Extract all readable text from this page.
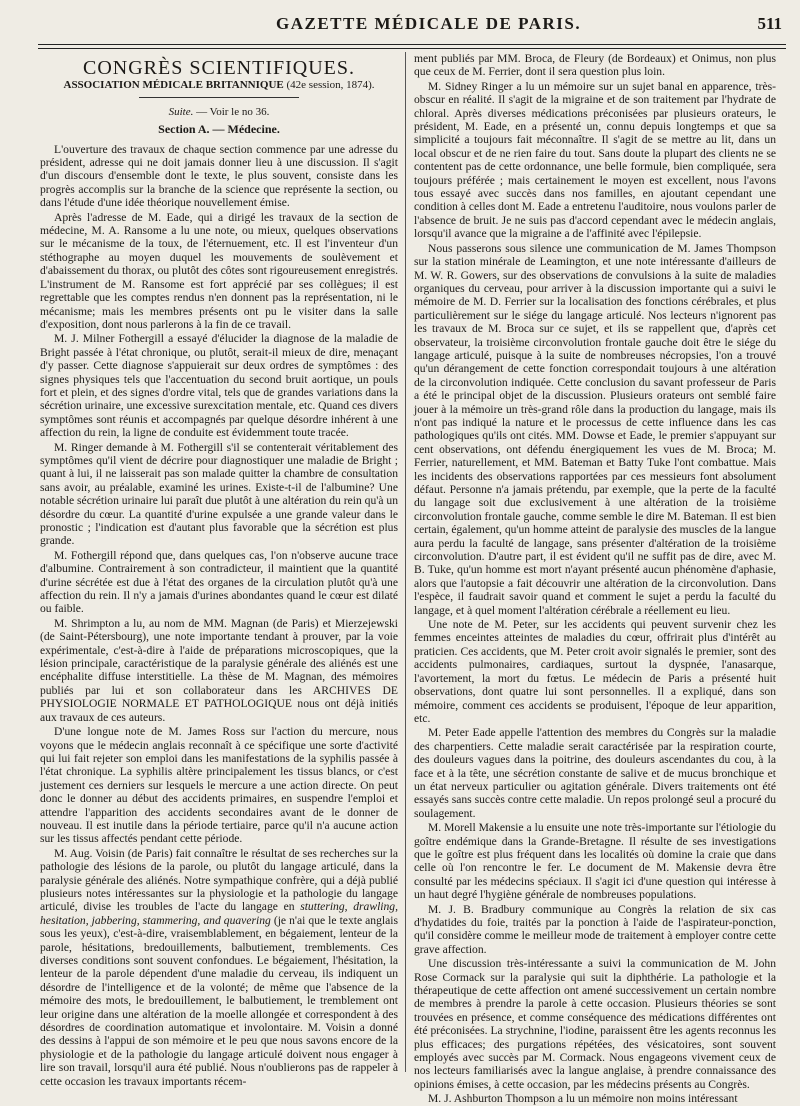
GAZETTE MÉDICALE DE PARIS.	511
CONGRÈS SCIENTIFIQUES.
ASSOCIATION MÉDICALE BRITANNIQUE (42e session, 1874).
Suite. — Voir le no 36.
Section A. — Médecine.

L'ouverture des travaux de chaque section commence par une adresse du président, adresse qui ne doit jamais donner lieu à une discussion. Il s'agit d'un discours d'ensemble dont le texte, le plus souvent, consiste dans les progrès accomplis sur la branche de la science que représente la section, ou dans l'étude d'une idée théorique nouvellement émise.

Après l'adresse de M. Eade, qui a dirigé les travaux de la section de médecine, M. A. Ransome a lu une note, ou mieux, quelques observations sur le mécanisme de la toux, de l'éternuement, etc. Il est l'inventeur d'un stéthographe au moyen duquel les mouvements de soulèvement et d'abaissement du thorax, ou plutôt des côtes sont rigoureusement enregistrés. L'instrument de M. Ransome est fort apprécié par ses collègues; il est regrettable que les comptes rendus n'en donnent pas la représentation, ni le mécanisme; mais les membres présents ont pu le visiter dans la salle d'exposition, dont nous parlerons à la fin de ce travail.

M. J. Milner Fothergill a essayé d'élucider la diagnose de la maladie de Bright passée à l'état chronique, ou plutôt, serait-il mieux de dire, menaçant d'y passer. Cette diagnose s'appuierait sur deux ordres de symptômes : des signes physiques tels que l'accentuation du second bruit aortique, un pouls fort et plein, et des signes d'ordre vital, tels que de grandes variations dans la sécrétion urinaire, une excessive surexcitation mentale, etc. Quand ces divers symptômes sont réunis et accompagnés par quelque désordre inhérent à une affection du rein, la ligne de conduite est évidemment toute tracée.

M. Ringer demande à M. Fothergill s'il se contenterait véritablement des symptômes qu'il vient de décrire pour diagnostiquer une maladie de Bright ; quant à lui, il ne laisserait pas son malade quitter la chambre de consultation sans avoir, au préalable, examiné les urines. Existe-t-il de l'albumine? Une notable sécrétion urinaire lui paraît due plutôt à une altération du rein qu'à un désordre du cœur. La quantité d'urine expulsée a une grande valeur dans le pronostic ; l'indication est d'autant plus favorable que la sécrétion est plus grande.

M. Fothergill répond que, dans quelques cas, l'on n'observe aucune trace d'albumine. Contrairement à son contradicteur, il maintient que la quantité d'urine sécrétée est due à l'état des organes de la circulation plutôt qu'à une affection du rein. Il n'y a jamais d'urines abondantes quand le cœur est dilaté ou faible.

M. Shrimpton a lu, au nom de MM. Magnan (de Paris) et Mierzejewski (de Saint-Pétersbourg), une note importante tendant à prouver, par la voie expérimentale, c'est-à-dire à l'aide de préparations microscopiques, que la lésion principale, caractéristique de la paralysie générale des aliénés est une encéphalite diffuse interstitielle. La thèse de M. Magnan, des mémoires publiés par lui et son collaborateur dans les ARCHIVES DE PHYSIOLOGIE NORMALE ET PATHOLOGIQUE nous ont déjà initiés aux travaux de ces auteurs.

D'une longue note de M. James Ross sur l'action du mercure, nous voyons que le médecin anglais reconnaît à ce spécifique une sorte d'activité qui lui fait rejeter son emploi dans les manifestations de la syphilis passée à l'état chronique. La syphilis altère principalement les tissus blancs, or c'est justement ces derniers sur lesquels le mercure a une action directe. On peut donc le donner au début des accidents primaires, en suspendre l'emploi et attendre l'apparition des accidents secondaires avant de le donner de nouveau. Il est inutile dans la période tertiaire, parce qu'il n'a aucune action sur les tissus affectés pendant cette période.

M. Aug. Voisin (de Paris) fait connaître le résultat de ses recherches sur la pathologie des lésions de la parole, ou plutôt du langage articulé, dans la paralysie générale des aliénés. Notre sympathique confrère, qui a déjà publié plusieurs notes intéressantes sur la physiologie et la pathologie du langage articulé, divise les troubles de l'acte du langage en stuttering, drawling, hesitation, jabbering, stammering, and quavering (je n'ai que le texte anglais sous les yeux), c'est-à-dire, vraisemblablement, en bégaiement, lenteur de la parole, hésitations, bredouillements, balbutiement, tremblements. Ces diverses conditions sont souvent confondues. Le bégaiement, l'hésitation, la lenteur de la parole dépendent d'une maladie du cerveau, ils indiquent un désordre de l'intelligence et de la volonté; de même que l'absence de la mémoire des mots, le bredouillement, le balbutiement, le tremblement ont leur origine dans une altération de la moelle allongée et correspondent à des désordres de coordination automatique et involontaire. M. Voisin a donné des dessins à l'appui de son mémoire et le peu que nous savons encore de la physiologie et de la pathologie du langage articulé doivent nous engager à lire son travail, lorsqu'il aura été publié. Nous n'oublierons pas de rappeler à cette occasion les travaux importants récem-

ment publiés par MM. Broca, de Fleury (de Bordeaux) et Onimus, non plus que ceux de M. Ferrier, dont il sera question plus loin.

M. Sidney Ringer a lu un mémoire sur un sujet banal en apparence, très-obscur en réalité. Il s'agit de la migraine et de son traitement par l'hydrate de chloral. Après diverses médications préconisées par plusieurs orateurs, le président, M. Eade, en a présenté un, connu depuis longtemps et que sa simplicité a toujours fait méconnaître. Il s'agit de se mettre au lit, dans un local obscur et de ne rien faire du tout. Sans doute la plupart des clients ne se contentent pas de cette ordonnance, une belle formule, bien compliquée, sera toujours préférée ; mais certainement le moyen est excellent, nous l'avons tous essayé avec succès dans nos familles, en ajoutant cependant une condition à celles dont M. Eade a entretenu l'auditoire, nous voulons parler de l'absence de bruit. Je ne suis pas d'accord cependant avec le médecin anglais, lorsqu'il avance que la migraine a de l'affinité avec l'épilepsie.

Nous passerons sous silence une communication de M. James Thompson sur la station minérale de Leamington, et une note intéressante d'ailleurs de M. W. R. Gowers, sur des observations de convulsions à la suite de maladies organiques du cerveau, pour arriver à la discussion importante qui a suivi le mémoire de M. D. Ferrier sur la localisation des fonctions cérébrales, et plus particulièrement sur le siége du langage articulé. Nos lecteurs n'ignorent pas les travaux de M. Broca sur ce sujet, et ils se rappellent que, d'après cet observateur, la troisième circonvolution frontale gauche doit être le siége du langage articulé, puisque à la suite de nombreuses nécropsies, l'on a trouvé qu'un dérangement de cette fonction correspondait toujours à une altération de la circonvolution indiquée. Cette conclusion du savant professeur de Paris a été le principal objet de la discussion. Plusieurs orateurs ont semblé faire jouer à la mémoire un très-grand rôle dans la production du langage, mais ils n'ont pas indiqué la nature et le processus de cette influence dans les cas pathologiques qu'ils ont cités. MM. Dowse et Eade, le premier s'appuyant sur cent observations, ont défendu énergiquement les vues de M. Broca; M. Ferrier, naturellement, et MM. Bateman et Batty Tuke l'ont combattue. Mais les incidents des observations rapportées par ces messieurs font absolument défaut. Personne n'a jamais prétendu, par exemple, que la perte de la faculté du langage soit due exclusivement à une altération de la troisième circonvolution frontale gauche, comme semble le dire M. Bateman. Il est bien certain, également, qu'un homme atteint de paralysie des muscles de la langue aura perdu la faculté de langage, sans présenter d'altération de la troisième circonvolution. D'autre part, il est évident qu'il ne suffit pas de dire, avec M. B. Tuke, qu'un homme est mort n'ayant présenté aucun phénomène d'aphasie, alors que l'autopsie a fait découvrir une altération de la circonvolution. Dans l'espèce, il faudrait savoir quand et comment le sujet a perdu la faculté du langage, et à quel moment l'altération cérébrale a réellement eu lieu.

Une note de M. Peter, sur les accidents qui peuvent survenir chez les femmes enceintes atteintes de maladies du cœur, offrirait plus d'intérêt au praticien. Ces accidents, que M. Peter croit avoir signalés le premier, sont des accidents pulmonaires, cardiaques, surtout la dyspnée, l'anasarque, l'avortement, la mort du fœtus. Le médecin de Paris a présenté huit observations, dont quatre lui sont personnelles. Il a expliqué, dans son mémoire, comment ces accidents se produisent, l'époque de leur apparition, etc.

M. Peter Eade appelle l'attention des membres du Congrès sur la maladie des charpentiers. Cette maladie serait caractérisée par la respiration courte, des douleurs vagues dans la poitrine, des douleurs ascendantes du cou, à la face et à la tête, une sécrétion constante de salive et de mucus bronchique et un état nerveux particulier ou agitation générale. Divers traitements ont été essayés sans succès contre cette maladie. Un repos prolongé seul a procuré du soulagement.

M. Morell Makensie a lu ensuite une note très-importante sur l'étiologie du goître endémique dans la Grande-Bretagne. Il résulte de ses investigations que le goître est plus fréquent dans les localités où domine la craie que dans celle où l'on rencontre le fer. Le document de M. Makensie devra être consulté par les médecins spéciaux. Il s'agit ici d'une question qui intéresse à un haut degré l'hygiène générale de nombreuses populations.

M. J. B. Bradbury communique au Congrès la relation de six cas d'hydatides du foie, traités par la ponction à l'aide de l'aspirateur-ponction, qu'il considère comme le meilleur mode de traitement à employer contre cette grave affection.

Une discussion très-intéressante a suivi la communication de M. John Rose Cormack sur la paralysie qui suit la diphthérie. La pathologie et la thérapeutique de cette affection ont amené successivement un certain nombre de membres à prendre la parole à cette occasion. Plusieurs théories se sont trouvées en présence, et comme conséquence des médications différentes ont été préconisées. La strychnine, l'iodine, paraissent être les agents reconnus les plus efficaces; des purgations répétées, des vésicatoires, sont souvent employés avec succès par M. Cormack. Nous engageons vivement ceux de nos lecteurs familiarisés avec la langue anglaise, à prendre connaissance des opinions émises, à cette occasion, par les médecins présents au Congrès.

M. J. Ashburton Thompson a lu un mémoire non moins intéressant
